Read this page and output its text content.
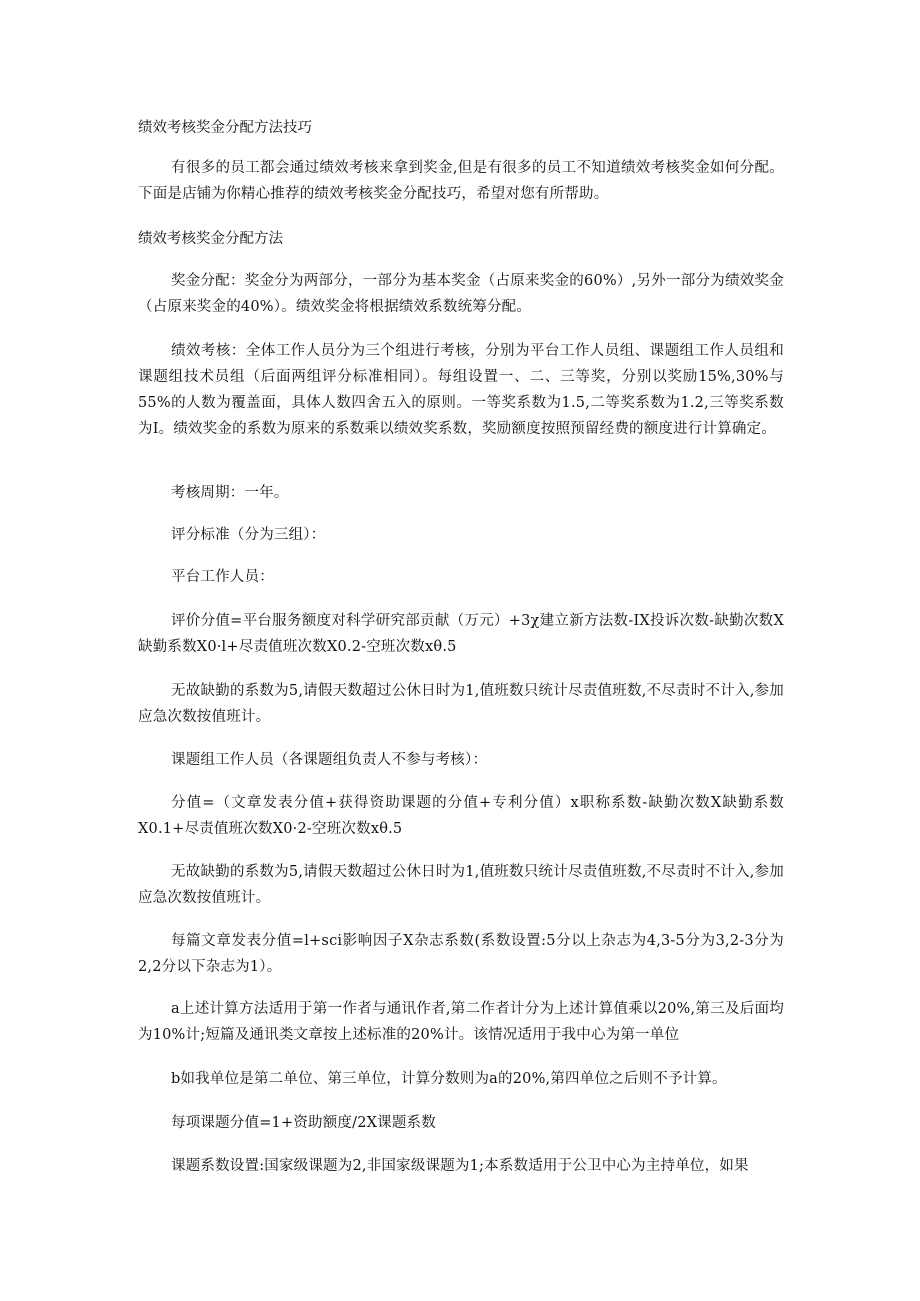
绩效考核奖金分配方法技巧

有很多的员工都会通过绩效考核来拿到奖金,但是有很多的员工不知道绩效考核奖金如何分配。下面是店铺为你精心推荐的绩效考核奖金分配技巧，希望对您有所帮助。

绩效考核奖金分配方法

奖金分配：奖金分为两部分，一部分为基本奖金（占原来奖金的60%）,另外一部分为绩效奖金（占原来奖金的40%）。绩效奖金将根据绩效系数统筹分配。

绩效考核：全体工作人员分为三个组进行考核，分别为平台工作人员组、课题组工作人员组和课题组技术员组（后面两组评分标准相同）。每组设置一、二、三等奖，分别以奖励15%,30%与55%的人数为覆盖面，具体人数四舍五入的原则。一等奖系数为1.5,二等奖系数为1.2,三等奖系数为I。绩效奖金的系数为原来的系数乘以绩效奖系数，奖励额度按照预留经费的额度进行计算确定。

考核周期：一年。

评分标准（分为三组）：

平台工作人员：

评价分值=平台服务额度对科学研究部贡献（万元）+3χ建立新方法数-IX投诉次数-缺勤次数X缺勤系数X0·l+尽责值班次数X0.2-空班次数xθ.5

无故缺勤的系数为5,请假天数超过公休日时为1,值班数只统计尽责值班数,不尽责时不计入,参加应急次数按值班计。

课题组工作人员（各课题组负责人不参与考核）：

分值=（文章发表分值+获得资助课题的分值+专利分值）x职称系数-缺勤次数X缺勤系数X0.1+尽责值班次数X0·2-空班次数xθ.5

无故缺勤的系数为5,请假天数超过公休日时为1,值班数只统计尽责值班数,不尽责时不计入,参加应急次数按值班计。

每篇文章发表分值=l+sci影响因子X杂志系数(系数设置:5分以上杂志为4,3-5分为3,2-3分为2,2分以下杂志为1）。

a上述计算方法适用于第一作者与通讯作者,第二作者计分为上述计算值乘以20%,第三及后面均为10%计;短篇及通讯类文章按上述标准的20%计。该情况适用于我中心为第一单位

b如我单位是第二单位、第三单位，计算分数则为a的20%,第四单位之后则不予计算。

每项课题分值=1+资助额度/2X课题系数

课题系数设置:国家级课题为2,非国家级课题为1;本系数适用于公卫中心为主持单位，如果
